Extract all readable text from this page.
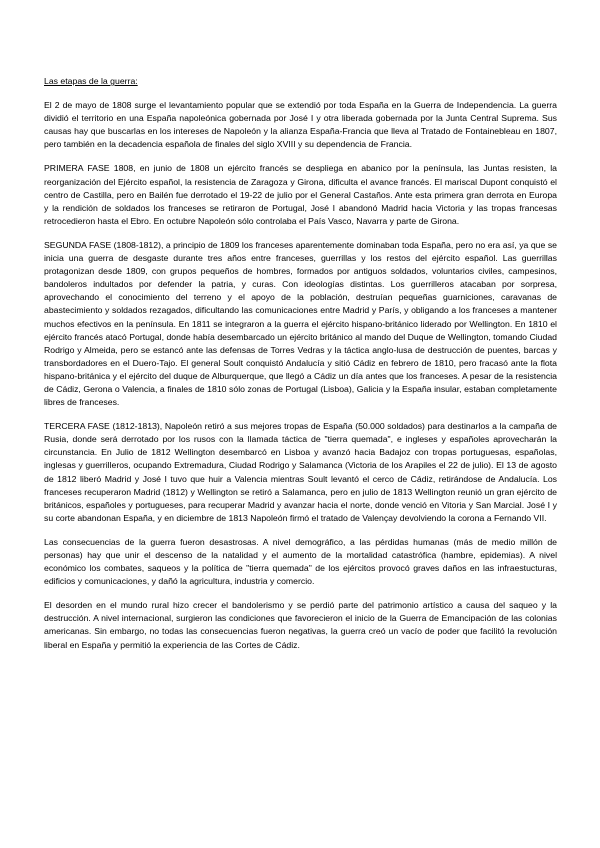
Las etapas de la guerra:

El 2 de mayo de 1808 surge el levantamiento popular que se extendió por toda España en la Guerra de Independencia. La guerra dividió el territorio en una España napoleónica gobernada por José I y otra liberada gobernada por la Junta Central Suprema. Sus causas hay que buscarlas en los intereses de Napoleón y la alianza España-Francia que lleva al Tratado de Fontainebleau en 1807, pero también en la decadencia española de finales del siglo XVIII y su dependencia de Francia.

PRIMERA FASE 1808, en junio de 1808 un ejército francés se despliega en abanico por la península, las Juntas resisten, la reorganización del Ejército español, la resistencia de Zaragoza y Girona, dificulta el avance francés. El mariscal Dupont conquistó el centro de Castilla, pero en Bailén fue derrotado el 19-22 de julio por el General Castaños. Ante esta primera gran derrota en Europa y la rendición de soldados los franceses se retiraron de Portugal, José I abandonó Madrid hacia Victoria y las tropas francesas retrocedieron hasta el Ebro. En octubre Napoleón sólo controlaba el País Vasco, Navarra y parte de Girona.

SEGUNDA FASE (1808-1812), a principio de 1809 los franceses aparentemente dominaban toda España, pero no era así, ya que se inicia una guerra de desgaste durante tres años entre franceses, guerrillas y los restos del ejército español. Las guerrillas protagonizan desde 1809, con grupos pequeños de hombres, formados por antiguos soldados, voluntarios civiles, campesinos, bandoleros indultados por defender la patria, y curas. Con ideologías distintas. Los guerrilleros atacaban por sorpresa, aprovechando el conocimiento del terreno y el apoyo de la población, destruían pequeñas guarniciones, caravanas de abastecimiento y soldados rezagados, dificultando las comunicaciones entre Madrid y París, y obligando a los franceses a mantener muchos efectivos en la península. En 1811 se integraron a la guerra el ejército hispano-británico liderado por Wellington. En 1810 el ejército francés atacó Portugal, donde había desembarcado un ejército británico al mando del Duque de Wellington, tomando Ciudad Rodrigo y Almeida, pero se estancó ante las defensas de Torres Vedras y la táctica anglo-lusa de destrucción de puentes, barcas y transbordadores en el Duero-Tajo. El general Soult conquistó Andalucía y sitió Cádiz en febrero de 1810, pero fracasó ante la flota hispano-británica y el ejército del duque de Alburquerque, que llegó a Cádiz un día antes que los franceses. A pesar de la resistencia de Cádiz, Gerona o Valencia, a finales de 1810 sólo zonas de Portugal (Lisboa), Galicia y la España insular, estaban completamente libres de franceses.

TERCERA FASE (1812-1813), Napoleón retiró a sus mejores tropas de España (50.000 soldados) para destinarlos a la campaña de Rusia, donde será derrotado por los rusos con la llamada táctica de "tierra quemada", e ingleses y españoles aprovecharán la circunstancia. En Julio de 1812 Wellington desembarcó en Lisboa y avanzó hacia Badajoz con tropas portuguesas, españolas, inglesas y guerrilleros, ocupando Extremadura, Ciudad Rodrigo y Salamanca (Victoria de los Arapiles el 22 de julio). El 13 de agosto de 1812 liberó Madrid y José I tuvo que huir a Valencia mientras Soult levantó el cerco de Cádiz, retirándose de Andalucía. Los franceses recuperaron Madrid (1812) y Wellington se retiró a Salamanca, pero en julio de 1813 Wellington reunió un gran ejército de británicos, españoles y portugueses, para recuperar Madrid y avanzar hacia el norte, donde venció en Vitoria y San Marcial. José I y su corte abandonan España, y en diciembre de 1813 Napoleón firmó el tratado de Valençay devolviendo la corona a Fernando VII.

Las consecuencias de la guerra fueron desastrosas. A nivel demográfico, a las pérdidas humanas (más de medio millón de personas) hay que unir el descenso de la natalidad y el aumento de la mortalidad catastrófica (hambre, epidemias). A nivel económico los combates, saqueos y la política de "tierra quemada" de los ejércitos provocó graves daños en las infraestucturas, edificios y comunicaciones, y dañó la agricultura, industria y comercio.

El desorden en el mundo rural hizo crecer el bandolerismo y se perdió parte del patrimonio artístico a causa del saqueo y la destrucción. A nivel internacional, surgieron las condiciones que favorecieron el inicio de la Guerra de Emancipación de las colonias americanas. Sin embargo, no todas las consecuencias fueron negativas, la guerra creó un vacío de poder que facilitó la revolución liberal en España y permitió la experiencia de las Cortes de Cádiz.
